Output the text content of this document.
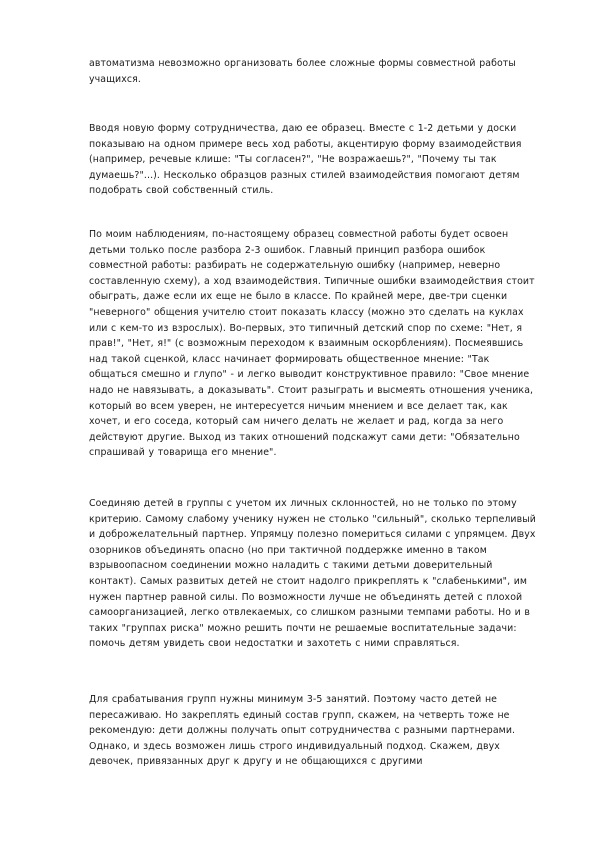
автоматизма невозможно организовать более сложные формы совместной работы учащихся.

Вводя новую форму сотрудничества, даю ее образец. Вместе с 1-2 детьми у доски показываю на одном примере весь ход работы, акцентирую форму взаимодействия (например, речевые клише: "Ты согласен?", "Не возражаешь?", "Почему ты так думаешь?"...). Несколько образцов разных стилей взаимодействия помогают детям подобрать свой собственный стиль.

По моим наблюдениям, по-настоящему образец совместной работы будет освоен детьми только после разбора 2-3 ошибок. Главный принцип разбора ошибок совместной работы: разбирать не содержательную ошибку (например, неверно составленную схему), а ход взаимодействия. Типичные ошибки взаимодействия стоит обыграть, даже если их еще не было в классе. По крайней мере, две-три сценки "неверного" общения учителю стоит показать классу (можно это сделать на куклах или с кем-то из взрослых). Во-первых, это типичный детский спор по схеме: "Нет, я прав!", "Нет, я!" (с возможным переходом к взаимным оскорблениям). Посмеявшись над такой сценкой, класс начинает формировать общественное мнение: "Так общаться смешно и глупо" - и легко выводит конструктивное правило: "Свое мнение надо не навязывать, а доказывать". Стоит разыграть и высмеять отношения ученика, который во всем уверен, не интересуется ничьим мнением и все делает так, как хочет, и его соседа, который сам ничего делать не желает и рад, когда за него действуют другие. Выход из таких отношений подскажут сами дети: "Обязательно спрашивай у товарища его мнение".

Соединяю детей в группы с учетом их личных склонностей, но не только по этому критерию. Самому слабому ученику нужен не столько "сильный", сколько терпеливый и доброжелательный партнер. Упрямцу полезно помериться силами с упрямцем. Двух озорников объединять опасно (но при тактичной поддержке именно в таком взрывоопасном соединении можно наладить с такими детьми доверительный контакт). Самых развитых детей не стоит надолго прикреплять к "слабенькими", им нужен партнер равной силы. По возможности лучше не объединять детей с плохой самоорганизацией, легко отвлекаемых, со слишком разными темпами работы. Но и в таких "группах риска" можно решить почти не решаемые воспитательные задачи: помочь детям увидеть свои недостатки и захотеть с ними справляться.

Для срабатывания групп нужны минимум 3-5 занятий. Поэтому часто детей не пересаживаю. Но закреплять единый состав групп, скажем, на четверть тоже не рекомендую: дети должны получать опыт сотрудничества с разными партнерами. Однако, и здесь возможен лишь строго индивидуальный подход. Скажем, двух девочек, привязанных друг к другу и не общающихся с другими
